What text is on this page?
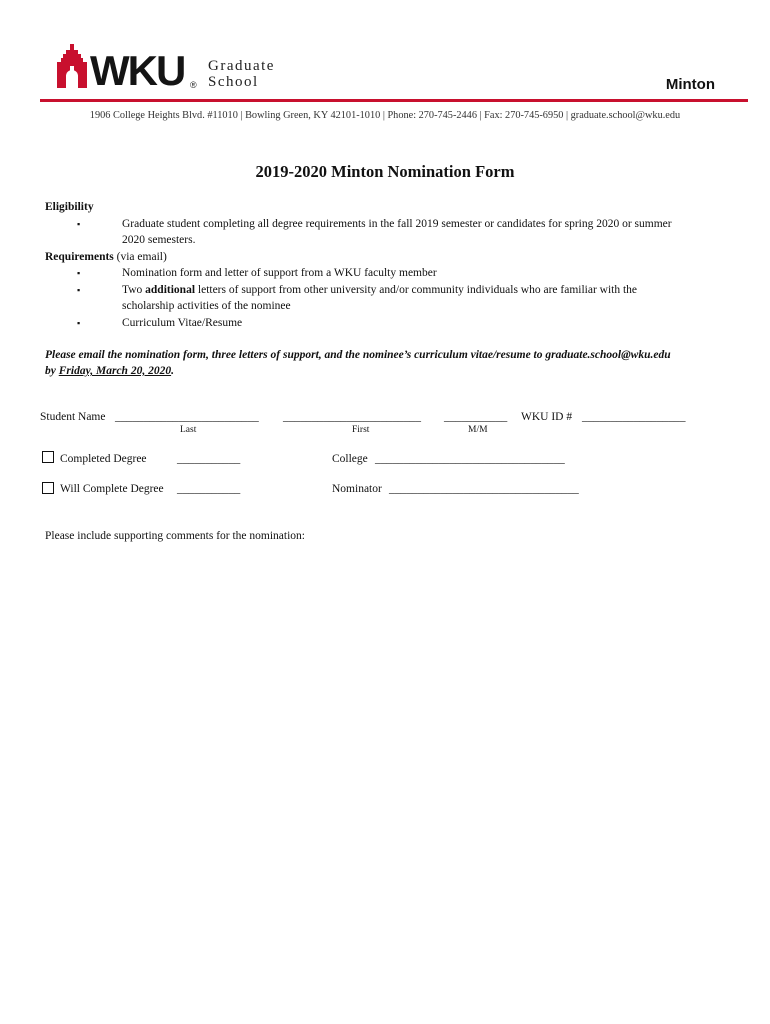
WKU ®
Graduate
School	Minton
1906 College Heights Blvd. #11010 | Bowling Green, KY 42101-1010 | Phone: 270-745-2446 | Fax: 270-745-6950 | graduate.school@wku.edu
2019-2020 Minton Nomination Form
Eligibility
▪	Graduate student completing all degree requirements in the fall 2019 semester or candidates for spring 2020 or summer
2020 semesters.
Requirements (via email)
▪	Nomination form and letter of support from a WKU faculty member
▪	Two additional letters of support from other university and/or community individuals who are familiar with the
scholarship activities of the nominee
▪	Curriculum Vitae/Resume
Please email the nomination form, three letters of support, and the nominee’s curriculum vitae/resume to graduate.school@wku.edu
by Friday, March 20, 2020.
Student Name _________________________ ________________________ ___________ WKU ID # __________________
Last	First	M/M
Completed Degree	___________	College _________________________________
Will Complete Degree ___________	Nominator _________________________________
Please include supporting comments for the nomination:
